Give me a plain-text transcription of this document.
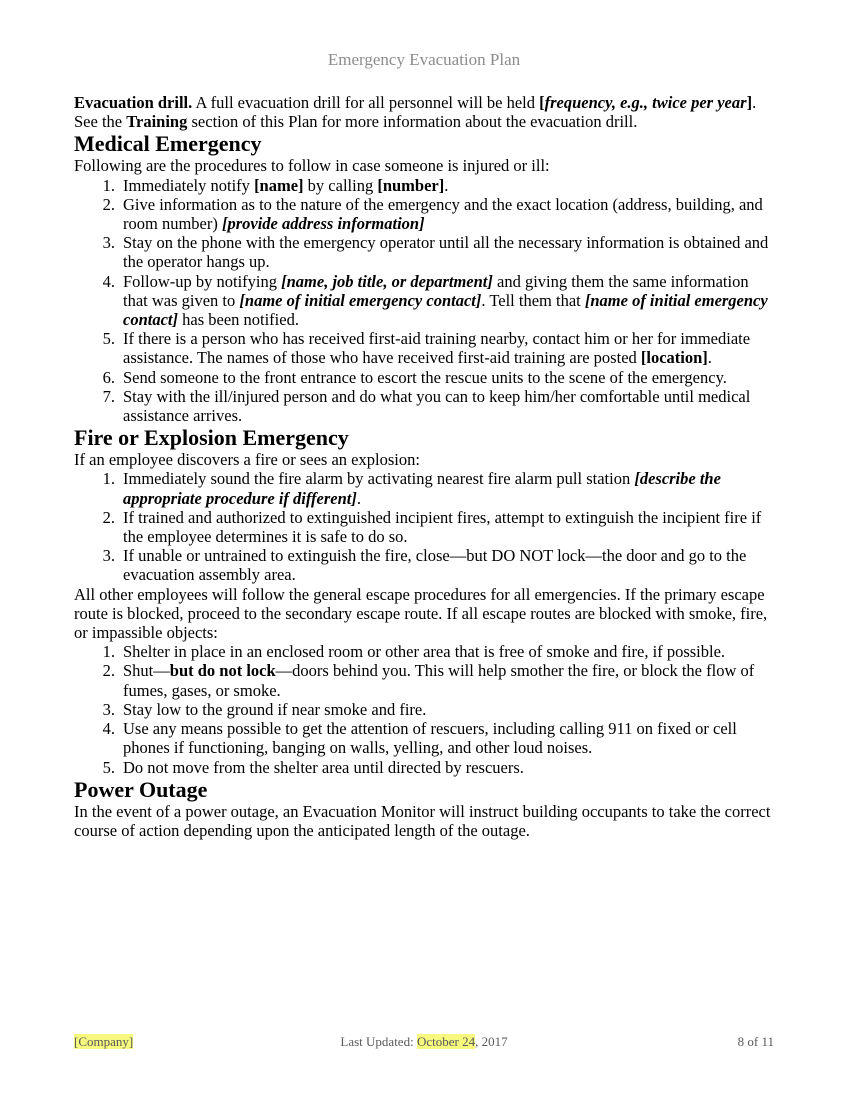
Emergency Evacuation Plan

Evacuation drill. A full evacuation drill for all personnel will be held [frequency, e.g., twice per year]. See the Training section of this Plan for more information about the evacuation drill.

Medical Emergency

Following are the procedures to follow in case someone is injured or ill:

1. Immediately notify [name] by calling [number].
2. Give information as to the nature of the emergency and the exact location (address, building, and room number) [provide address information]
3. Stay on the phone with the emergency operator until all the necessary information is obtained and the operator hangs up.
4. Follow-up by notifying [name, job title, or department] and giving them the same information that was given to [name of initial emergency contact]. Tell them that [name of initial emergency contact] has been notified.
5. If there is a person who has received first-aid training nearby, contact him or her for immediate assistance. The names of those who have received first-aid training are posted [location].
6. Send someone to the front entrance to escort the rescue units to the scene of the emergency.
7. Stay with the ill/injured person and do what you can to keep him/her comfortable until medical assistance arrives.
Fire or Explosion Emergency

If an employee discovers a fire or sees an explosion:

1. Immediately sound the fire alarm by activating nearest fire alarm pull station [describe the appropriate procedure if different].
2. If trained and authorized to extinguished incipient fires, attempt to extinguish the incipient fire if the employee determines it is safe to do so.
3. If unable or untrained to extinguish the fire, close—but DO NOT lock—the door and go to the evacuation assembly area.

All other employees will follow the general escape procedures for all emergencies. If the primary escape route is blocked, proceed to the secondary escape route. If all escape routes are blocked with smoke, fire, or impassible objects:

1. Shelter in place in an enclosed room or other area that is free of smoke and fire, if possible.
2. Shut—but do not lock—doors behind you. This will help smother the fire, or block the flow of fumes, gases, or smoke.
3. Stay low to the ground if near smoke and fire.
4. Use any means possible to get the attention of rescuers, including calling 911 on fixed or cell phones if functioning, banging on walls, yelling, and other loud noises.
5. Do not move from the shelter area until directed by rescuers.
Power Outage

In the event of a power outage, an Evacuation Monitor will instruct building occupants to take the correct course of action depending upon the anticipated length of the outage.

[Company]	Last Updated: October 24, 2017	8 of 11
